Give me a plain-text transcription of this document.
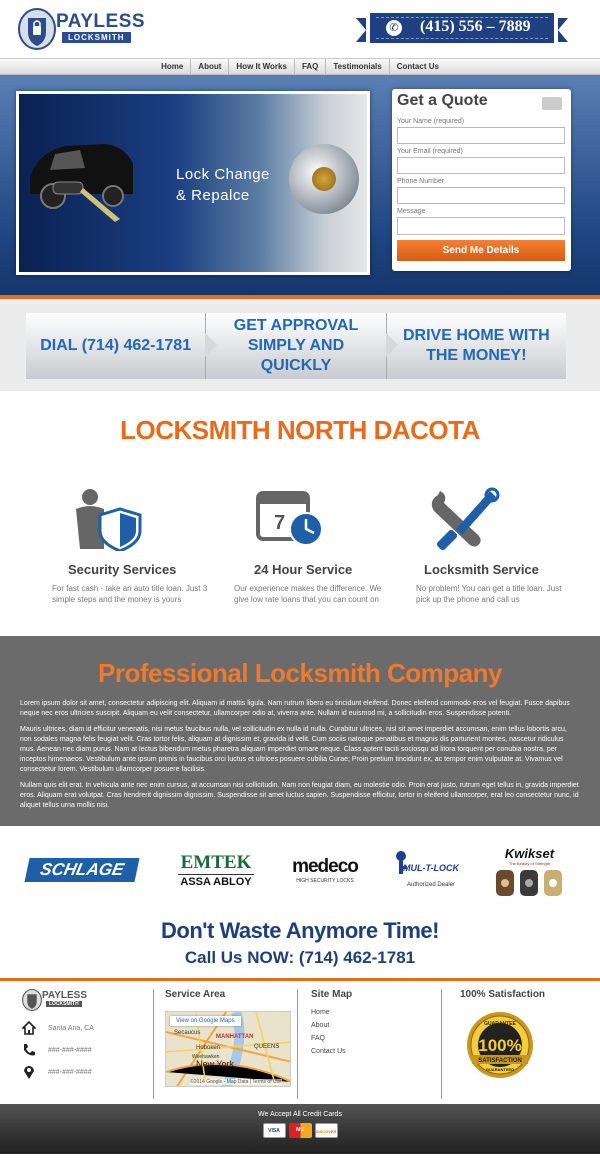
PAYLESS
LOCKSMITH
✆ (415) 556 – 7889
Home About How It Works FAQ Testimonials Contact Us
Lock Change
& Repalce
Get a Quote
Your Name (required)
Your Email (required)
Phone Number
Message
Send Me Details
DIAL (714) 462-1781
GET APPROVAL SIMPLY AND QUICKLY
DRIVE HOME WITH THE MONEY!
LOCKSMITH NORTH DACOTA
Security Services
For fast cash - take an auto title loan. Just 3 simple steps and the money is yours
7
24 Hour Service
Our experience makes the difference. We give low rate loans that you can count on
Locksmith Service
No problem! You can get a title loan. Just pick up the phone and call us
Professional Locksmith Company

Lorem ipsum dolor sit amet, consectetur adipiscing elit. Aliquam id mattis ligula. Nam rutrum libero eu tincidunt eleifend. Donec eleifend commodo eros vel feugiat. Fusce dapibus neque nec eros ultricies suscipit. Aliquam eu velit consectetur, ullamcorper odio at, viverra ante. Nullam id euismod mi, a sollicitudin eros. Suspendisse potenti.

Mauris ultrices, diam id efficitur venenatis, nisi metus faucibus nulla, vel sollicitudin ex nulla id nulla. Curabitur ultrices, nisl sit amet imperdiet accumsan, enim tellus lobortis arcu, non sodales magna felis feugiat velit. Cras tortor felis, aliquam at dignissim et, gravida id velit. Cum sociis natoque penatibus et magnis dis parturient montes, nascetur ridiculus mus. Aenean nec diam purus. Nam at lectus bibendum metus pharetra aliquam imperdiet ornare neque. Class aptent taciti sociosqu ad litora torquent per conubia nostra, per inceptos himenaeos. Vestibulum ante ipsum primis in faucibus orci luctus et ultrices posuere cubilia Curae; Proin pretium tincidunt ex, ac tempor enim vulputate at. Vivamus vel consectetur lorem. Vestibulum ullamcorper posuere facilisis.

Nullam quis elit erat. In vehicula ante nec enim cursus, at accumsan nisi sollicitudin. Nam non feugiat diam, eu molestie odio. Proin erat justo, rutrum eget tellus in, gravida imperdiet eros. Aliquam erat volutpat. Cras hendrerit dignissim dignissim. Suspendisse sit amet luctus sapien. Suspendisse efficitur, tortor in eleifend ullamcorper, erat leo consectetur nunc, id aliquet tellus urna mollis nisi.

SCHLAGE	EMTEK
ASSA ABLOY
medeco
HIGH SECURITY LOCKS
MUL-T-LOCK
Authorized Dealer
Kwikset
The Beauty of Strength
Don't Waste Anymore Time!
Call Us NOW: (714) 462-1781
PAYLESS
LOCKSMITH
Santa Ana, CA
###-###-####
###-###-####
Service Area
Secaucus
MANHATTAN
Hoboken	QUEENS
New York
Weehawken
View on Google Maps
©2014 Google - Map Data | Terms of Use
Site Map
Home
About
FAQ
Contact Us
100% Satisfaction
GUARANTEE
100%
SATISFACTION
GUARANTEED
We Accept All Credit Cards
VISA	MC	DISCOVER
